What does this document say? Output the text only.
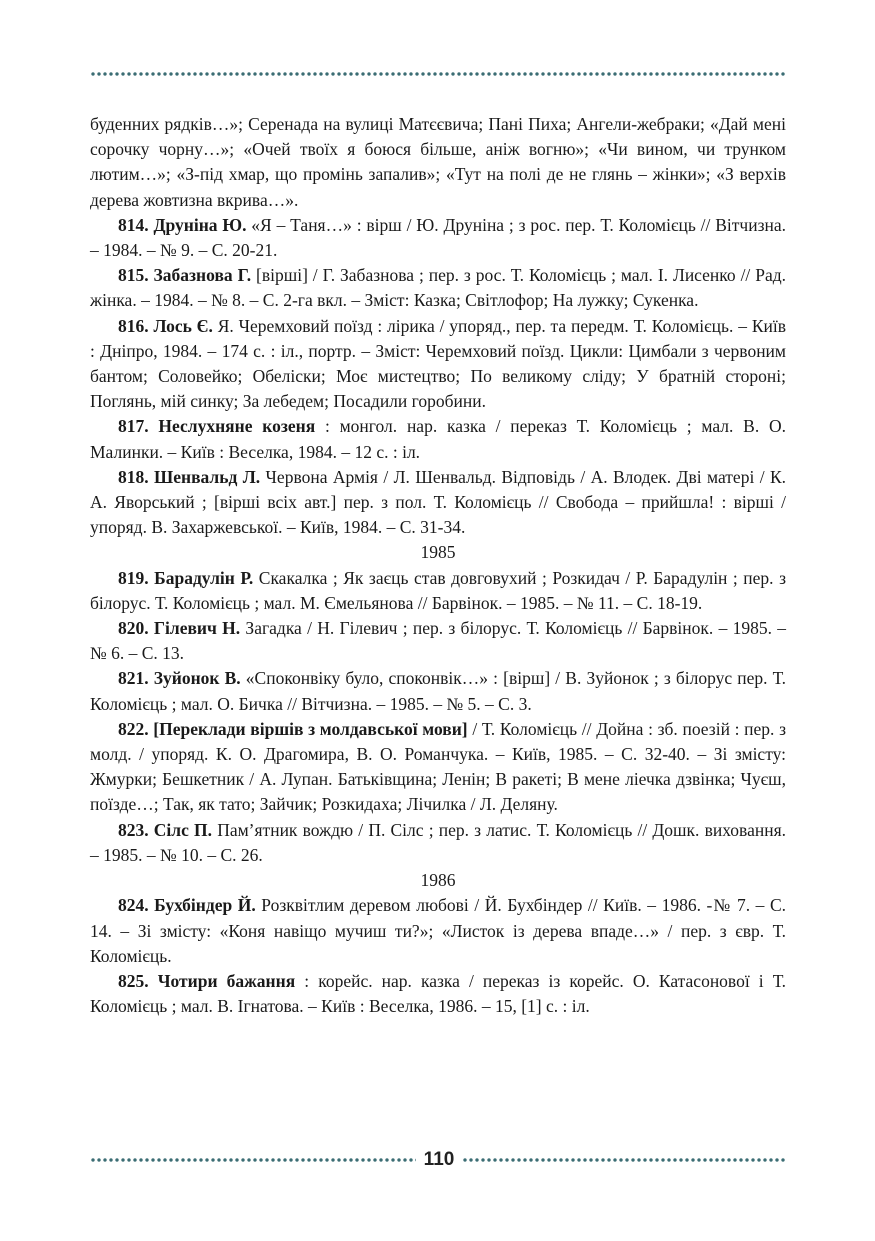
буденних рядків…»; Серенада на вулиці Матєєвича; Пані Пиха; Ангели-жебраки; «Дай мені сорочку чорну…»; «Очей твоїх я боюся більше, аніж вогню»; «Чи вином, чи трунком лютим…»; «З-під хмар, що промінь запалив»; «Тут на полі де не глянь – жінки»; «З верхів дерева жовтизна вкрива…».

814. Друніна Ю. «Я – Таня…» : вірш / Ю. Друніна ; з рос. пер. Т. Коломієць // Вітчизна. – 1984. – № 9. – С. 20-21.

815. Забазнова Г. [вірші] / Г. Забазнова ; пер. з рос. Т. Коломієць ; мал. І. Лисенко // Рад. жінка. – 1984. – № 8. – С. 2-га вкл. – Зміст: Казка; Світлофор; На лужку; Сукенка.

816. Лось Є. Я. Черемховий поїзд : лірика / упоряд., пер. та передм. Т. Коломієць. – Київ : Дніпро, 1984. – 174 с. : іл., портр. – Зміст: Черемховий поїзд. Цикли: Цимбали з червоним бантом; Соловейко; Обеліски; Моє мистецтво; По великому сліду; У братній стороні; Поглянь, мій синку; За лебедем; Посадили горобини.

817. Неслухняне козеня : монгол. нар. казка / переказ Т. Коломієць ; мал. В. О. Малинки. – Київ : Веселка, 1984. – 12 с. : іл.

818. Шенвальд Л. Червона Армія / Л. Шенвальд. Відповідь / А. Влодек. Дві матері / К. А. Яворський ; [вірші всіх авт.] пер. з пол. Т. Коломієць // Свобода – прийшла! : вірші / упоряд. В. Захаржевської. – Київ, 1984. – С. 31-34.

1985

819. Барадулін Р. Скакалка ; Як заєць став довговухий ; Розкидач / Р. Барадулін ; пер. з білорус. Т. Коломієць ; мал. М. Ємельянова // Барвінок. – 1985. – № 11. – С. 18-19.

820. Гілевич Н. Загадка / Н. Гілевич ; пер. з білорус. Т. Коломієць // Барвінок. – 1985. – № 6. – С. 13.

821. Зуйонок В. «Споконвіку було, споконвік…» : [вірш] / В. Зуйонок ; з білорус пер. Т. Коломієць ; мал. О. Бичка // Вітчизна. – 1985. – № 5. – С. 3.

822. [Переклади віршів з молдавської мови] / Т. Коломієць // Дойна : зб. поезій : пер. з молд. / упоряд. К. О. Драгомира, В. О. Романчука. – Київ, 1985. – С. 32-40. – Зі змісту: Жмурки; Бешкетник / А. Лупан. Батьківщина; Ленін; В ракеті; В мене ліечка дзвінка; Чуєш, поїзде…; Так, як тато; Зайчик; Розкидаха; Лічилка / Л. Деляну.

823. Сілс П. Пам’ятник вождю / П. Сілс ; пер. з латис. Т. Коломієць // Дошк. виховання. – 1985. – № 10. – С. 26.

1986

824. Бухбіндер Й. Розквітлим деревом любові / Й. Бухбіндер // Київ. – 1986. -№ 7. – С. 14. – Зі змісту: «Коня навіщо мучиш ти?»; «Листок із дерева впаде…» / пер. з євр. Т. Коломієць.

825. Чотири бажання : корейс. нар. казка / переказ із корейс. О. Катасонової і Т. Коломієць ; мал. В. Ігнатова. – Київ : Веселка, 1986. – 15, [1] с. : іл.

110
